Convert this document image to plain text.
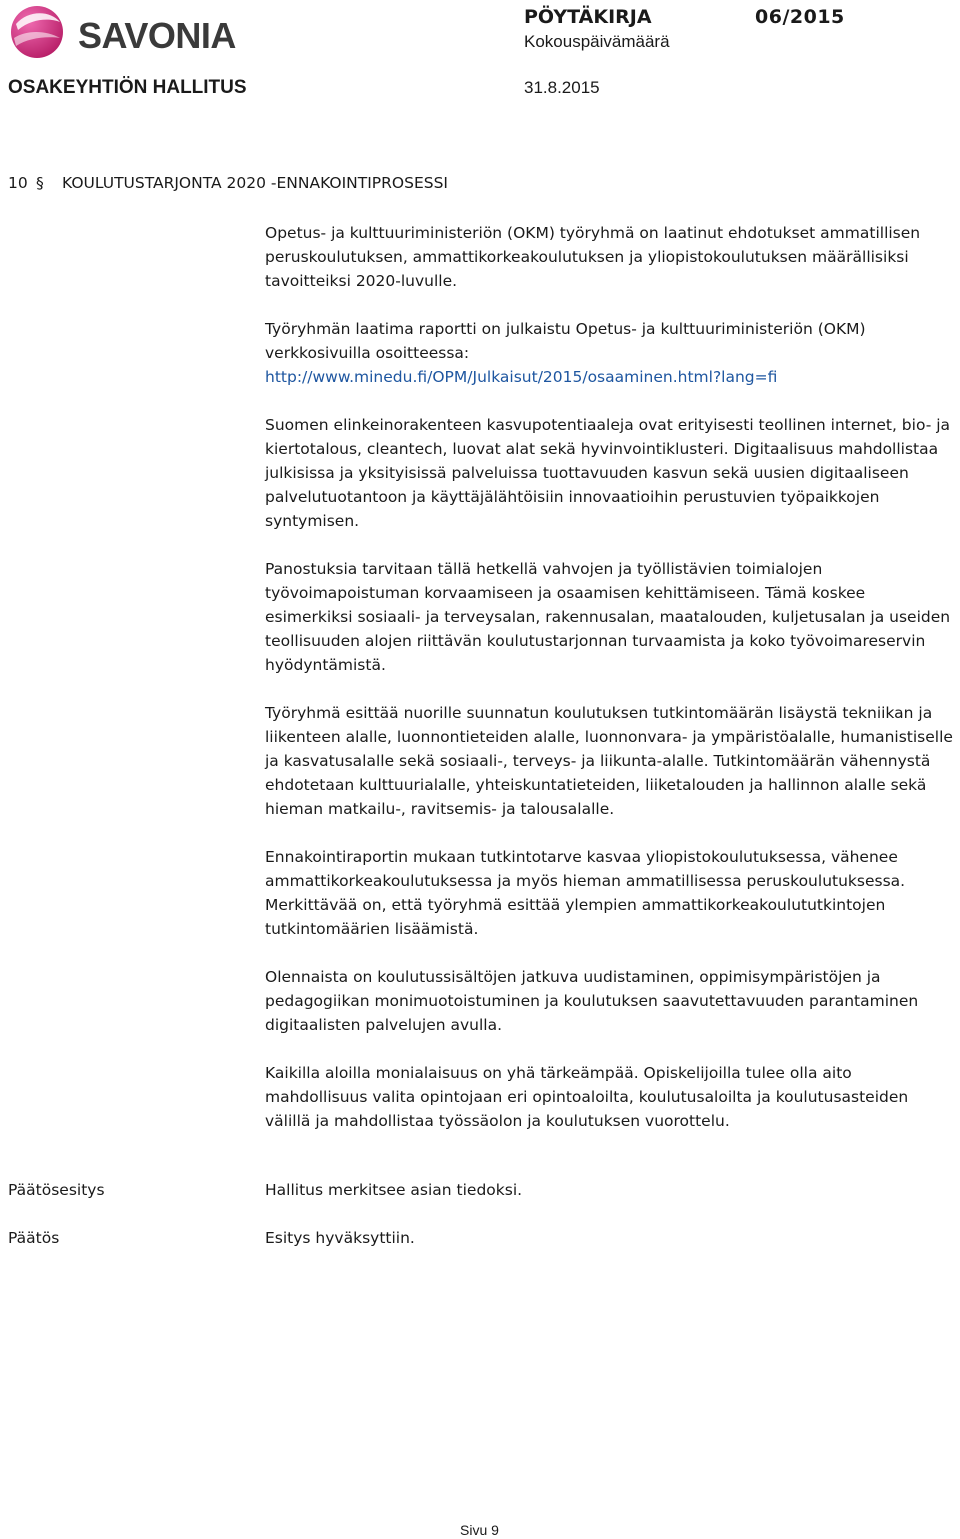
SAVONIA	PÖYTÄKIRJA	06/2015
Kokouspäivämäärä
OSAKEYHTIÖN HALLITUS	31.8.2015
10 § KOULUTUSTARJONTA 2020 -ENNAKOINTIPROSESSI

Opetus- ja kulttuuriministeriön (OKM) työryhmä on laatinut ehdotukset ammatillisen peruskoulutuksen, ammattikorkeakoulutuksen ja yliopistokoulutuksen määrällisiksi tavoitteiksi 2020-luvulle.

Työryhmän laatima raportti on julkaistu Opetus- ja kulttuuriministeriön (OKM) verkkosivuilla osoitteessa:

http://www.minedu.fi/OPM/Julkaisut/2015/osaaminen.html?lang=fi

Suomen elinkeinorakenteen kasvupotentiaaleja ovat erityisesti teollinen internet, bio- ja kiertotalous, cleantech, luovat alat sekä hyvinvointiklusteri. Digitaalisuus mahdollistaa julkisissa ja yksityisissä palveluissa tuottavuuden kasvun sekä uusien digitaaliseen palvelutuotantoon ja käyttäjälähtöisiin innovaatioihin perustuvien työpaikkojen syntymisen.

Panostuksia tarvitaan tällä hetkellä vahvojen ja työllistävien toimialojen työvoimapoistuman korvaamiseen ja osaamisen kehittämiseen. Tämä koskee esimerkiksi sosiaali- ja terveysalan, rakennusalan, maatalouden, kuljetusalan ja useiden teollisuuden alojen riittävän koulutustarjonnan turvaamista ja koko työvoimareservin hyödyntämistä.

Työryhmä esittää nuorille suunnatun koulutuksen tutkintomäärän lisäystä tekniikan ja liikenteen alalle, luonnontieteiden alalle, luonnonvara- ja ympäristöalalle, humanistiselle ja kasvatusalalle sekä sosiaali-, terveys- ja liikunta-alalle. Tutkintomäärän vähennystä ehdotetaan kulttuurialalle, yhteiskuntatieteiden, liiketalouden ja hallinnon alalle sekä hieman matkailu-, ravitsemis- ja talousalalle.

Ennakointiraportin mukaan tutkintotarve kasvaa yliopistokoulutuksessa, vähenee ammattikorkeakoulutuksessa ja myös hieman ammatillisessa peruskoulutuksessa. Merkittävää on, että työryhmä esittää ylempien ammattikorkeakoulututkintojen tutkintomäärien lisäämistä.

Olennaista on koulutussisältöjen jatkuva uudistaminen, oppimisympäristöjen ja pedagogiikan monimuotoistuminen ja koulutuksen saavutettavuuden parantaminen digitaalisten palvelujen avulla.

Kaikilla aloilla monialaisuus on yhä tärkeämpää. Opiskelijoilla tulee olla aito mahdollisuus valita opintojaan eri opintoaloilta, koulutusaloilta ja koulutusasteiden välillä ja mahdollistaa työssäolon ja koulutuksen vuorottelu.

Päätösesitys	Hallitus merkitsee asian tiedoksi.
Päätös	Esitys hyväksyttiin.
Sivu 9
